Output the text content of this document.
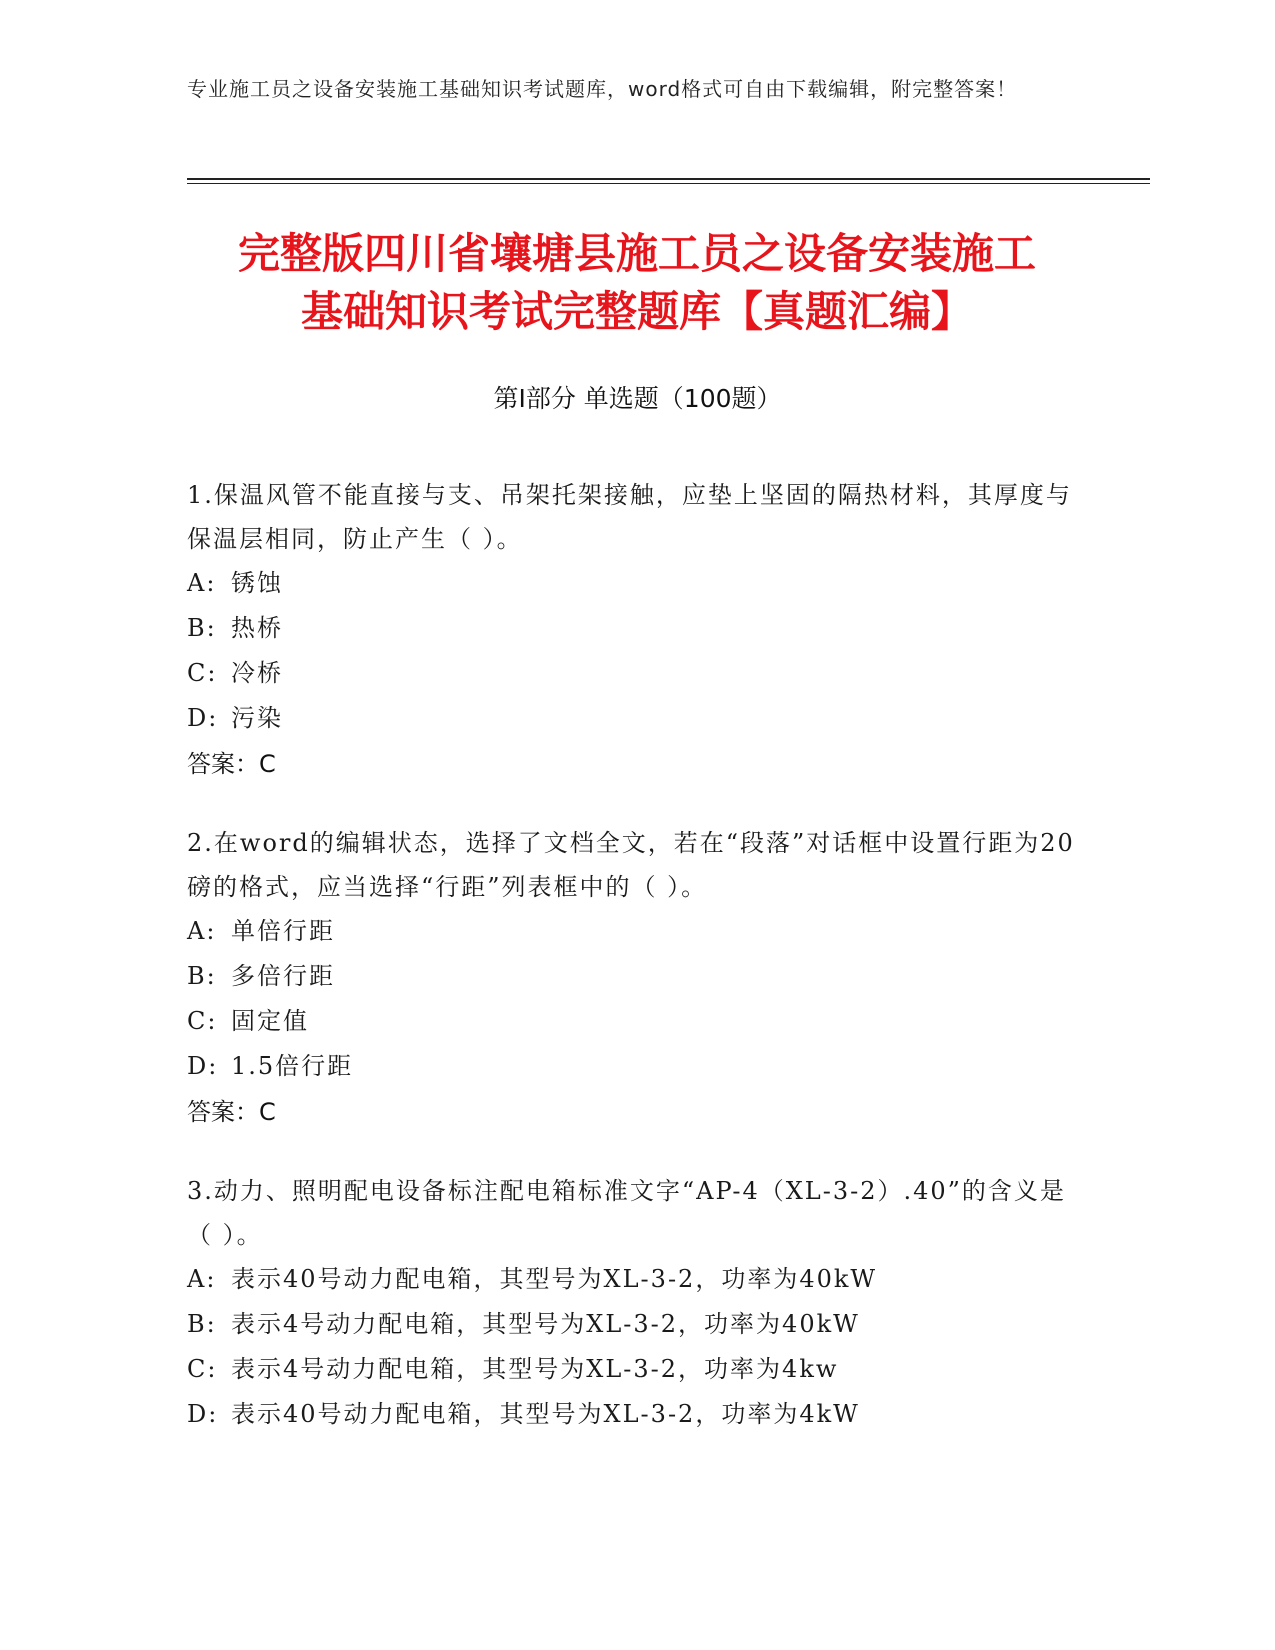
专业施工员之设备安装施工基础知识考试题库，word格式可自由下载编辑，附完整答案！
完整版四川省壤塘县施工员之设备安装施工
基础知识考试完整题库【真题汇编】
第Ⅰ部分 单选题（100题）

1.保温风管不能直接与支、吊架托架接触，应垫上坚固的隔热材料，其厚度与保温层相同，防止产生（ ）。

A: 锈蚀

B: 热桥

C: 冷桥

D: 污染

答案：C

2.在word的编辑状态，选择了文档全文，若在“段落”对话框中设置行距为20磅的格式，应当选择“行距”列表框中的（ ）。

A: 单倍行距

B: 多倍行距

C: 固定值

D: 1.5倍行距

答案：C

3.动力、照明配电设备标注配电箱标准文字“AP-4（XL-3-2）.40”的含义是（ ）。

A: 表示40号动力配电箱，其型号为XL-3-2，功率为40kW

B: 表示4号动力配电箱，其型号为XL-3-2，功率为40kW

C: 表示4号动力配电箱，其型号为XL-3-2，功率为4kw

D: 表示40号动力配电箱，其型号为XL-3-2，功率为4kW
